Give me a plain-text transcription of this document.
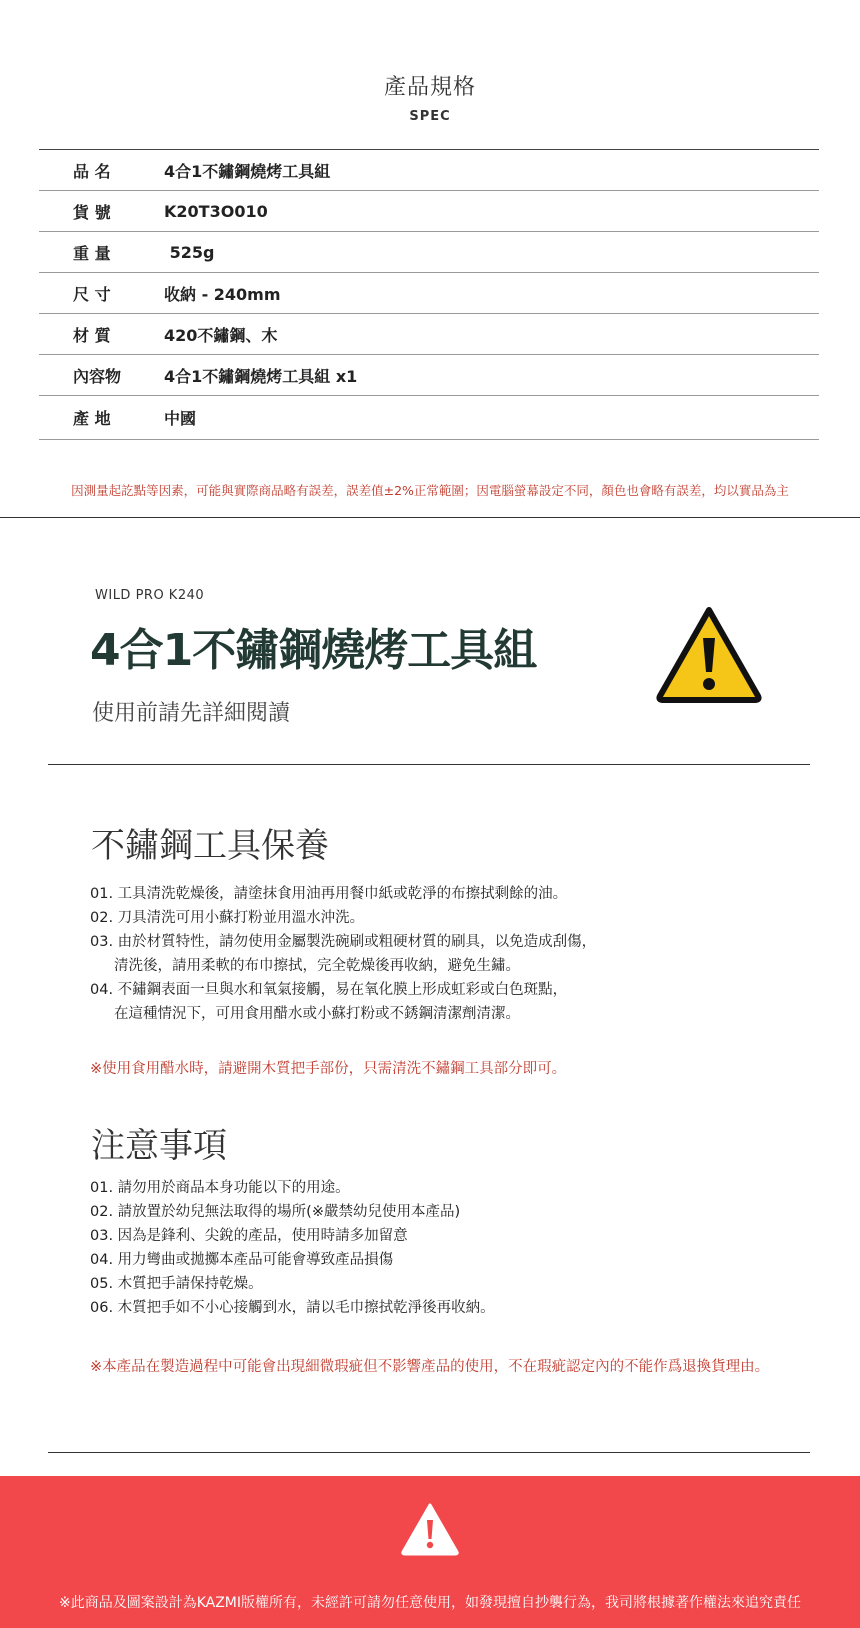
產品規格
SPEC
品 名	4合1不鏽鋼燒烤工具組
貨 號	K20T3O010
重 量	525g
尺 寸	收納 - 240mm
材 質	420不鏽鋼、木
內容物	4合1不鏽鋼燒烤工具組 x1
產 地	中國
因測量起訖點等因素，可能與實際商品略有誤差，誤差值±2%正常範圍；因電腦螢幕設定不同，顏色也會略有誤差，均以實品為主
WILD PRO K240
4合1不鏽鋼燒烤工具組
使用前請先詳細閱讀
不鏽鋼工具保養
01. 工具清洗乾燥後，請塗抹食用油再用餐巾紙或乾淨的布擦拭剩餘的油。
02. 刀具清洗可用小蘇打粉並用溫水沖洗。
03. 由於材質特性，請勿使用金屬製洗碗刷或粗硬材質的刷具，以免造成刮傷，
清洗後，請用柔軟的布巾擦拭，完全乾燥後再收納，避免生鏽。
04. 不鏽鋼表面一旦與水和氧氣接觸，易在氧化膜上形成虹彩或白色斑點，
在這種情況下，可用食用醋水或小蘇打粉或不銹鋼清潔劑清潔。
※使用食用醋水時，請避開木質把手部份，只需清洗不鏽鋼工具部分即可。
注意事項
01. 請勿用於商品本身功能以下的用途。
02. 請放置於幼兒無法取得的場所(※嚴禁幼兒使用本產品)
03. 因為是鋒利、尖銳的產品，使用時請多加留意
04. 用力彎曲或拋擲本產品可能會導致產品損傷
05. 木質把手請保持乾燥。
06. 木質把手如不小心接觸到水，請以毛巾擦拭乾淨後再收納。
※本產品在製造過程中可能會出現細微瑕疵但不影響產品的使用，不在瑕疵認定內的不能作爲退換貨理由。
※此商品及圖案設計為KAZMI版權所有，未經許可請勿任意使用，如發現擅自抄襲行為，我司將根據著作權法來追究責任
